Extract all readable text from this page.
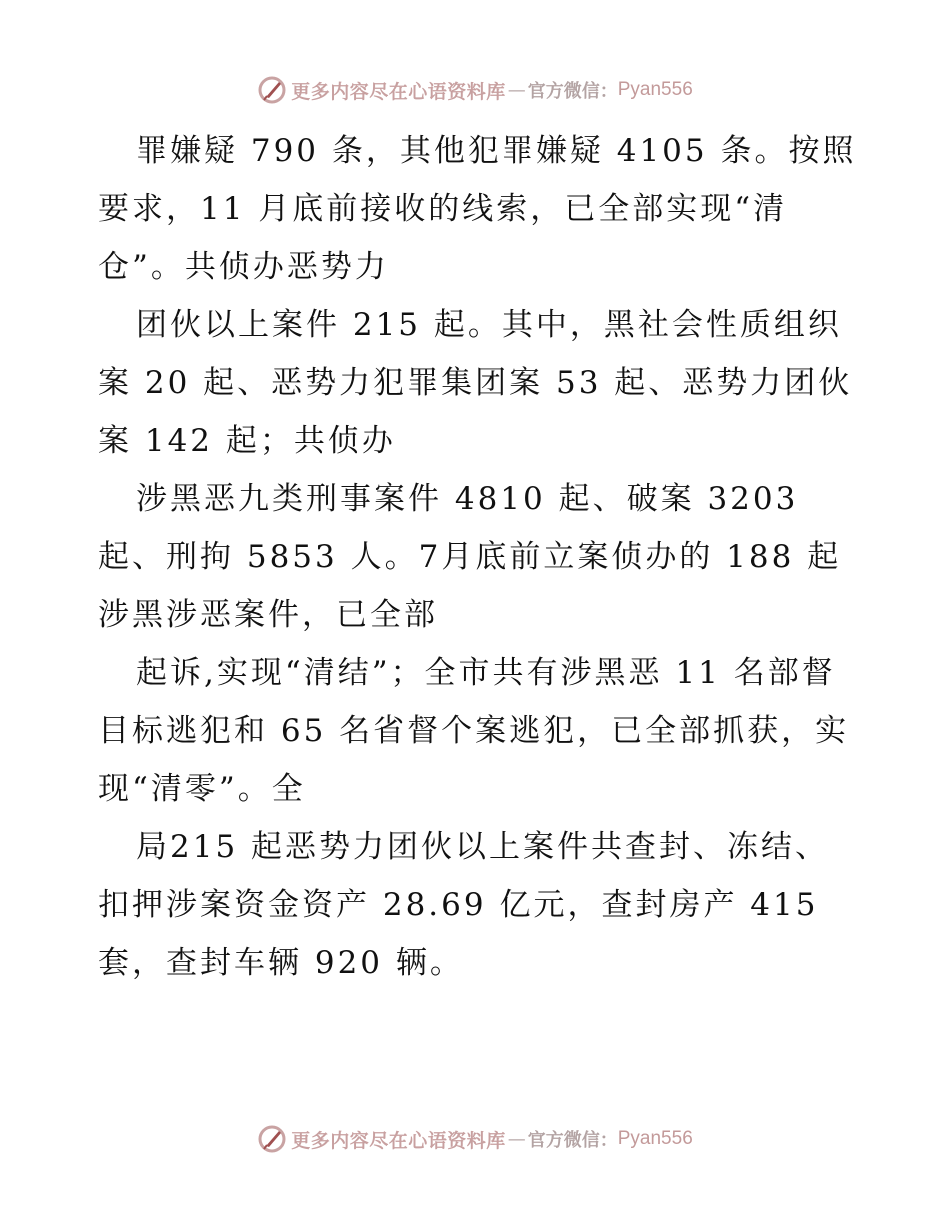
更多内容尽在心语资料库 — 官方微信： Pyan556

罪嫌疑 790 条，其他犯罪嫌疑 4105 条。按照要求，11 月底前接收的线索，已全部实现“清仓”。共侦办恶势力

团伙以上案件 215 起。其中，黑社会性质组织案 20 起、恶势力犯罪集团案 53 起、恶势力团伙案 142 起；共侦办

涉黑恶九类刑事案件 4810 起、破案 3203 起、刑拘 5853 人。7月底前立案侦办的 188 起涉黑涉恶案件，已全部

起诉,实现“清结”；全市共有涉黑恶 11 名部督目标逃犯和 65 名省督个案逃犯，已全部抓获，实现“清零”。全

局215 起恶势力团伙以上案件共查封、冻结、扣押涉案资金资产 28.69 亿元，查封房产 415 套，查封车辆 920 辆。

更多内容尽在心语资料库 — 官方微信： Pyan556
